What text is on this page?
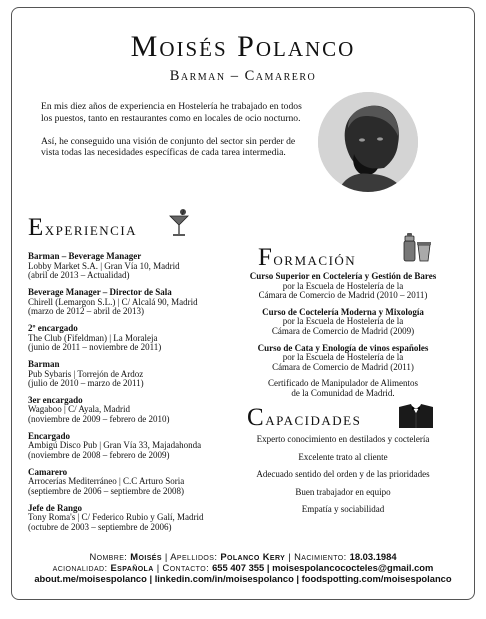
Moisés Polanco
Barman – Camarero

En mis diez años de experiencia en Hostelería he trabajado en todos los puestos, tanto en restaurantes como en locales de ocio nocturno.

Así, he conseguido una visión de conjunto del sector sin perder de vista todas las necesidades específicas de cada tarea intermedia.

Experiencia
Barman – Beverage Manager
Lobby Market S.A. | Gran Vía 10, Madrid
(abril de 2013 – Actualidad)
Beverage Manager – Director de Sala
Chirell (Lemargon S.L.) | C/ Alcalá 90, Madrid
(marzo de 2012 – abril de 2013)
2º encargado
The Club (Fifeldman) | La Moraleja
(junio de 2011 – noviembre de 2011)
Barman
Pub Sybaris | Torrejón de Ardoz
(julio de 2010 – marzo de 2011)
3er encargado
Wagaboo | C/ Ayala, Madrid
(noviembre de 2009 – febrero de 2010)
Encargado
Ambigú Disco Pub | Gran Vía 33, Majadahonda
(noviembre de 2008 – febrero de 2009)
Camarero
Arrocerías Mediterráneo | C.C Arturo Soria
(septiembre de 2006 – septiembre de 2008)
Jefe de Rango
Tony Roma's | C/ Federico Rubio y Galí, Madrid
(octubre de 2003 – septiembre de 2006)
Formación
Curso Superior en Coctelería y Gestión de Bares
por la Escuela de Hostelería de la
Cámara de Comercio de Madrid (2010 – 2011)
Curso de Coctelería Moderna y Mixología
por la Escuela de Hostelería de la
Cámara de Comercio de Madrid (2009)
Curso de Cata y Enología de vinos españoles
por la Escuela de Hostelería de la
Cámara de Comercio de Madrid (2011)
Certificado de Manipulador de Alimentos
de la Comunidad de Madrid.
Capacidades
Experto conocimiento en destilados y coctelería
Excelente trato al cliente
Adecuado sentido del orden y de las prioridades
Buen trabajador en equipo
Empatía y sociabilidad
Nombre: Moisés | Apellidos: Polanco Kery | Nacimiento: 18.03.1984
acionalidad: Española | Contacto: 655 407 355 | moisespolancococteles@gmail.com
about.me/moisespolanco | linkedin.com/in/moisespolanco | foodspotting.com/moisespolanco
